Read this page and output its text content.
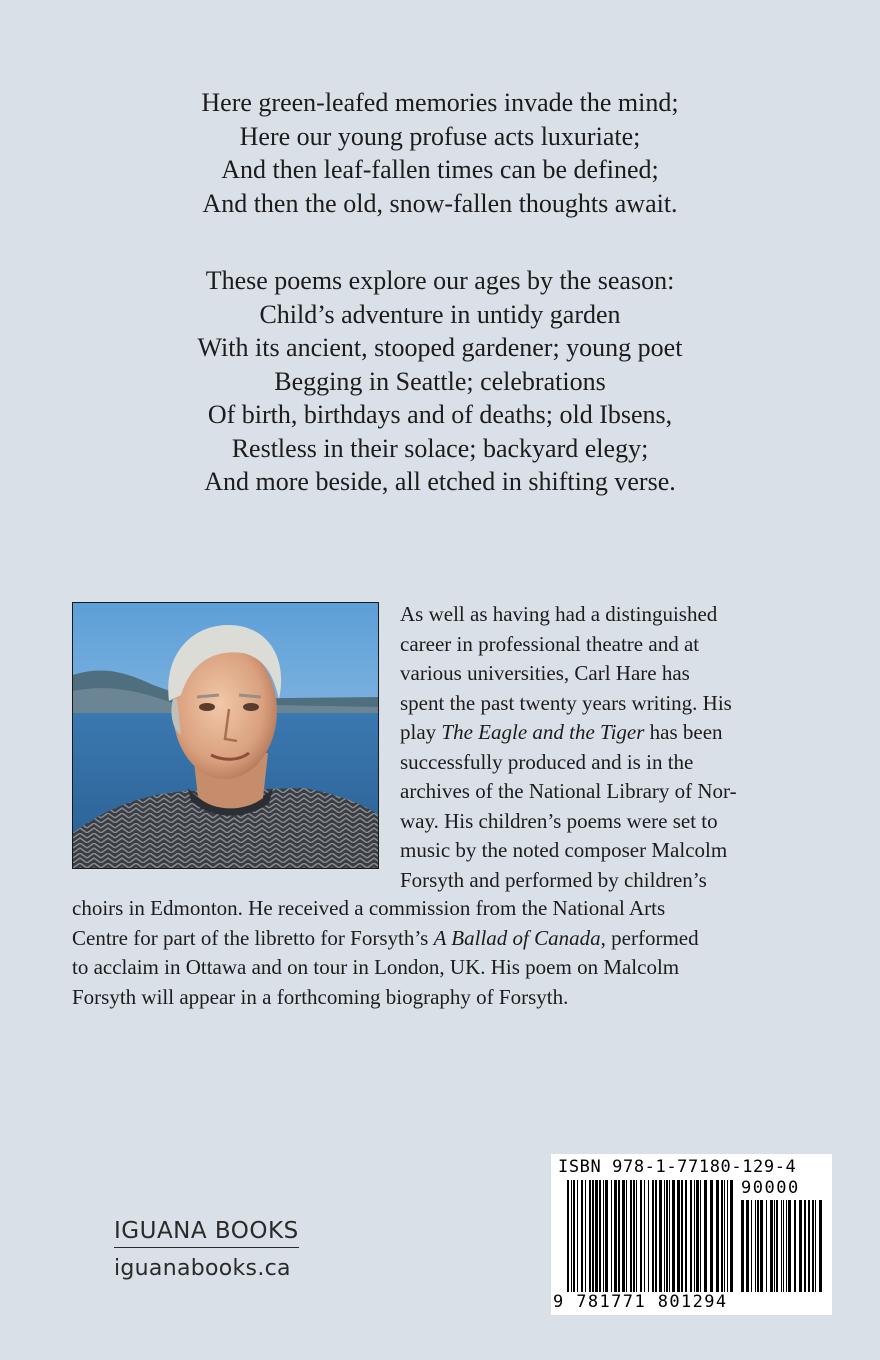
Here green-leafed memories invade the mind;
Here our young profuse acts luxuriate;
And then leaf-fallen times can be defined;
And then the old, snow-fallen thoughts await.
These poems explore our ages by the season:
Child’s adventure in untidy garden
With its ancient, stooped gardener; young poet
Begging in Seattle; celebrations
Of birth, birthdays and of deaths; old Ibsens,
Restless in their solace; backyard elegy;
And more beside, all etched in shifting verse.
As well as having had a distinguished
career in professional theatre and at
various universities, Carl Hare has
spent the past twenty years writing. His
play The Eagle and the Tiger has been
successfully produced and is in the
archives of the National Library of Nor-
way. His children’s poems were set to
music by the noted composer Malcolm
Forsyth and performed by children’s
choirs in Edmonton. He received a commission from the National Arts
Centre for part of the libretto for Forsyth’s A Ballad of Canada, performed
to acclaim in Ottawa and on tour in London, UK. His poem on Malcolm
Forsyth will appear in a forthcoming biography of Forsyth.
IGUANA BOOKS
iguanabooks.ca
ISBN 978-1-77180-129-4
90000
9 781771 801294
